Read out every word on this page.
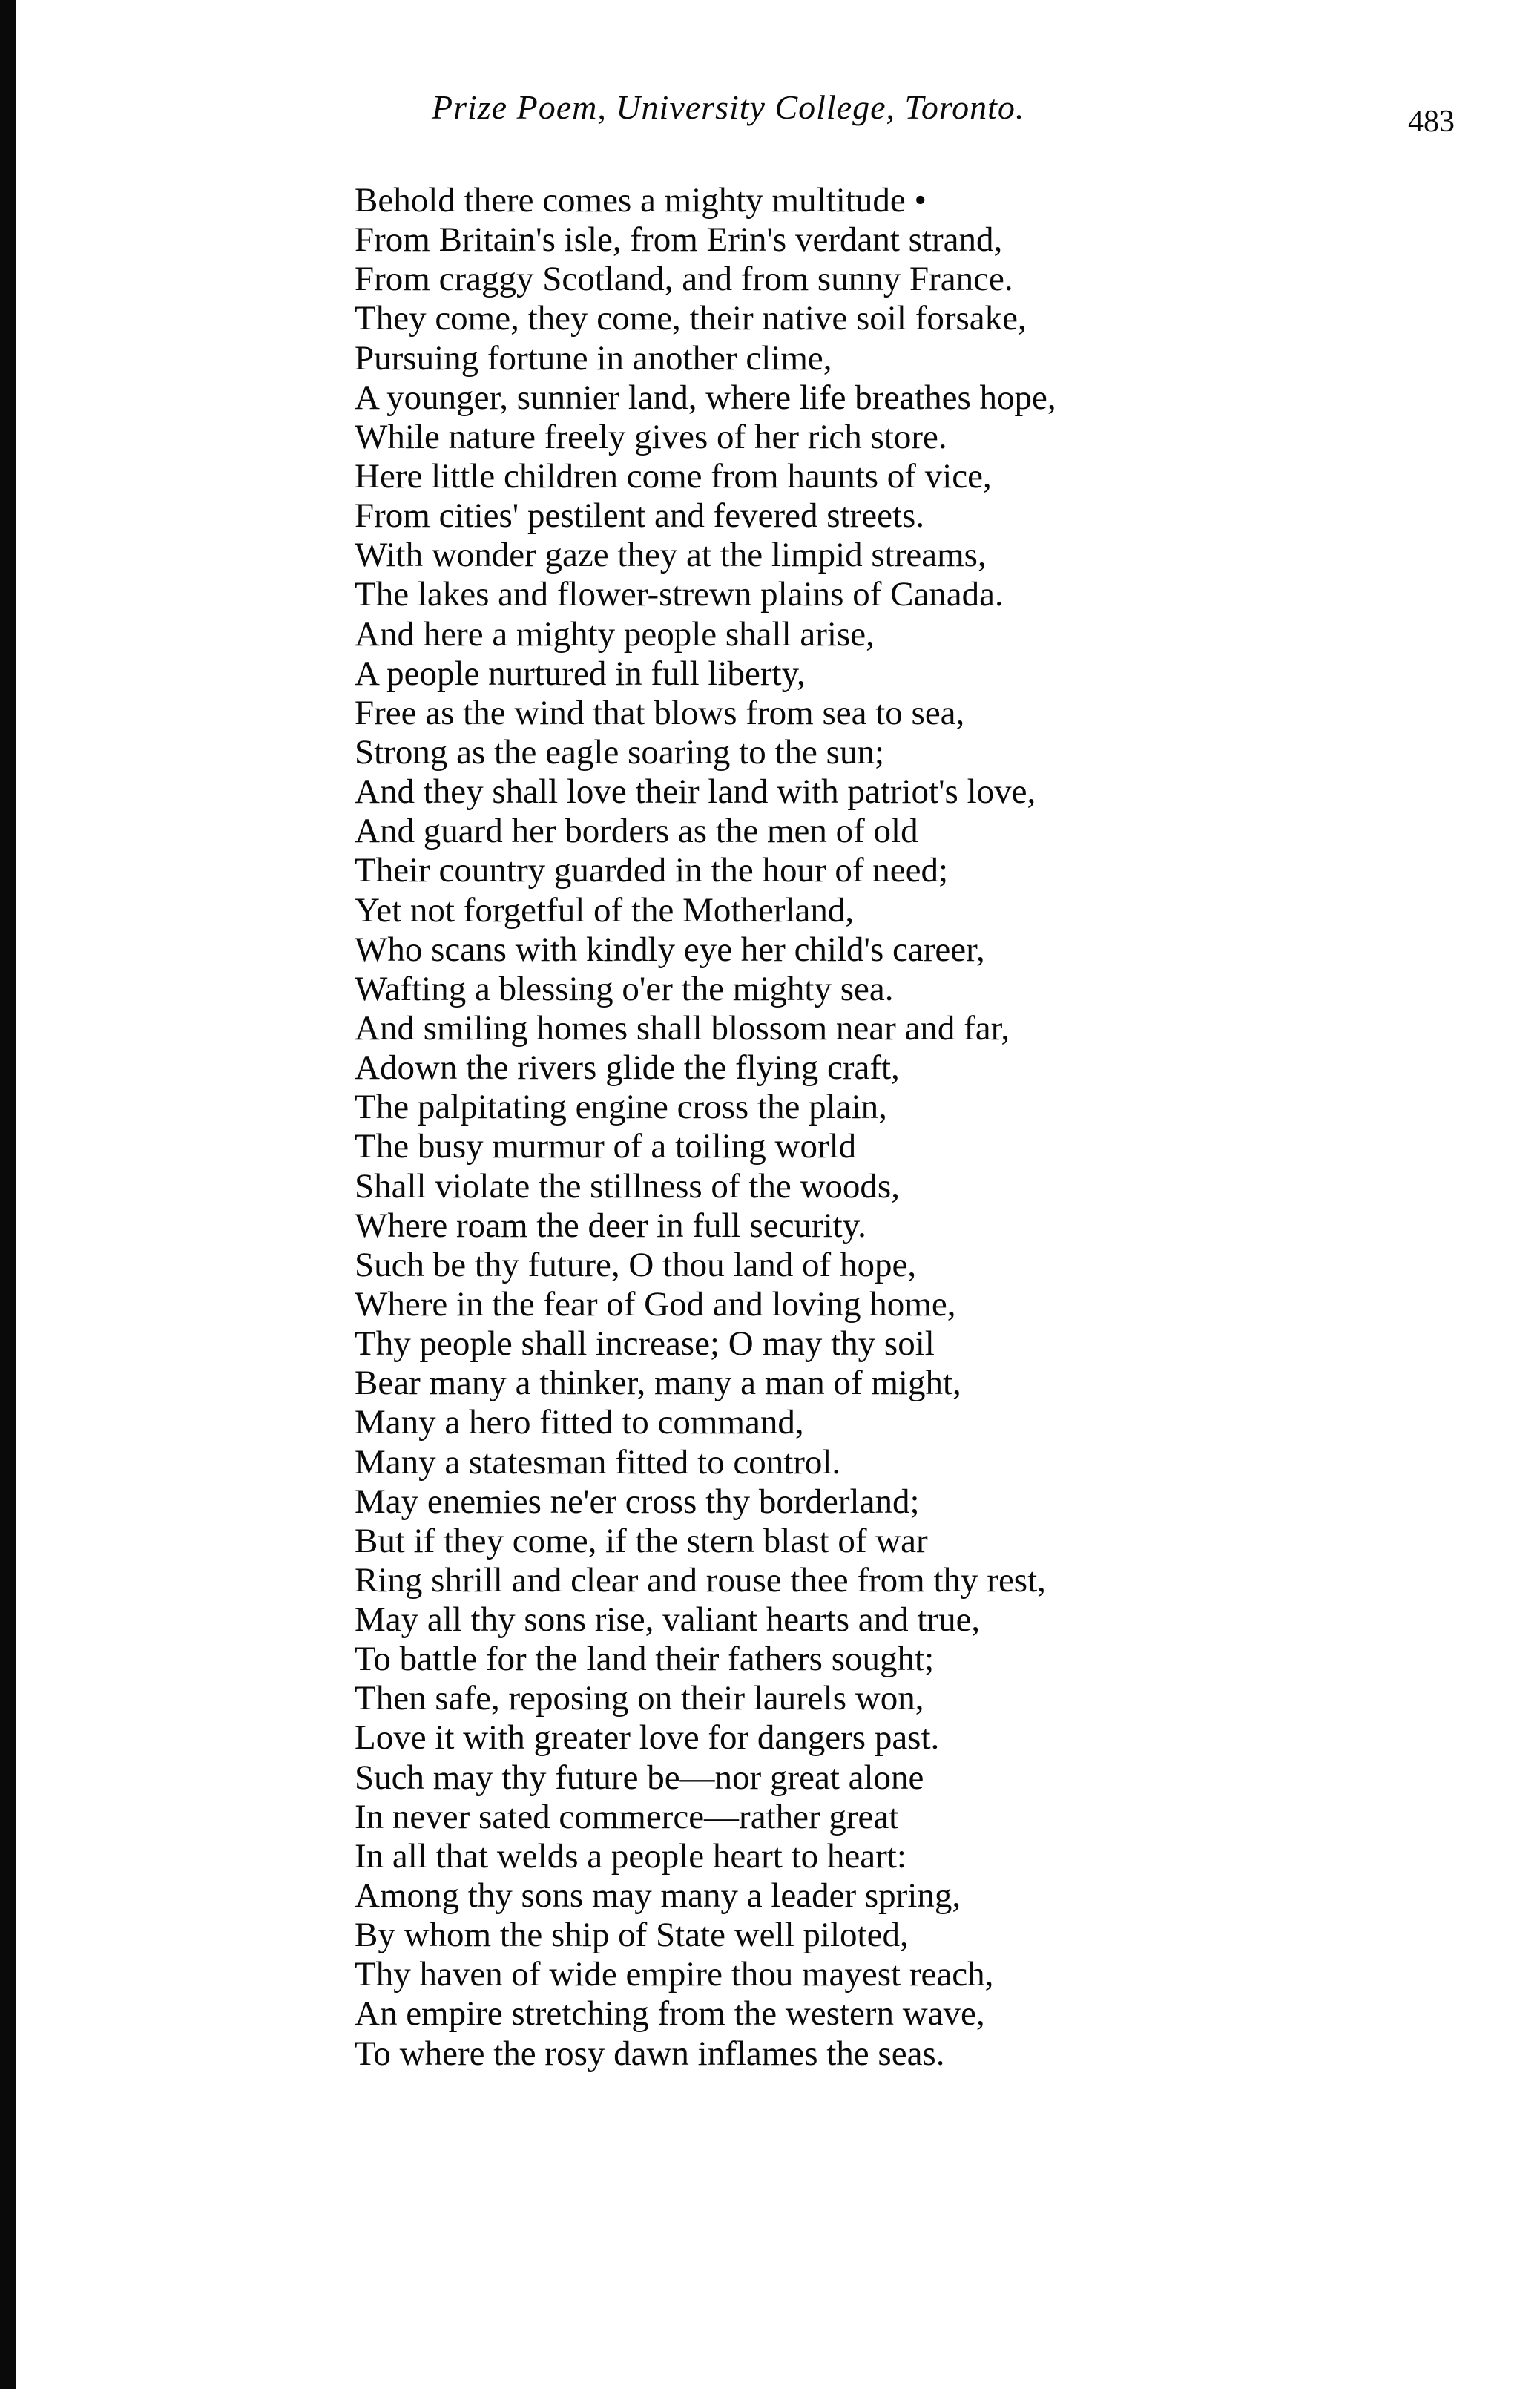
Prize Poem, University College, Toronto.	483
Behold there comes a mighty multitude •
From Britain's isle, from Erin's verdant strand,
From craggy Scotland, and from sunny France.
They come, they come, their native soil forsake,
Pursuing fortune in another clime,
A younger, sunnier land, where life breathes hope,
While nature freely gives of her rich store.
Here little children come from haunts of vice,
From cities' pestilent and fevered streets.
With wonder gaze they at the limpid streams,
The lakes and flower-strewn plains of Canada.
And here a mighty people shall arise,
A people nurtured in full liberty,
Free as the wind that blows from sea to sea,
Strong as the eagle soaring to the sun;
And they shall love their land with patriot's love,
And guard her borders as the men of old
Their country guarded in the hour of need;
Yet not forgetful of the Motherland,
Who scans with kindly eye her child's career,
Wafting a blessing o'er the mighty sea.
And smiling homes shall blossom near and far,
Adown the rivers glide the flying craft,
The palpitating engine cross the plain,
The busy murmur of a toiling world
Shall violate the stillness of the woods,
Where roam the deer in full security.
Such be thy future, O thou land of hope,
Where in the fear of God and loving home,
Thy people shall increase; O may thy soil
Bear many a thinker, many a man of might,
Many a hero fitted to command,
Many a statesman fitted to control.
May enemies ne'er cross thy borderland;
But if they come, if the stern blast of war
Ring shrill and clear and rouse thee from thy rest,
May all thy sons rise, valiant hearts and true,
To battle for the land their fathers sought;
Then safe, reposing on their laurels won,
Love it with greater love for dangers past.
Such may thy future be—nor great alone
In never sated commerce—rather great
In all that welds a people heart to heart:
Among thy sons may many a leader spring,
By whom the ship of State well piloted,
Thy haven of wide empire thou mayest reach,
An empire stretching from the western wave,
To where the rosy dawn inflames the seas.
